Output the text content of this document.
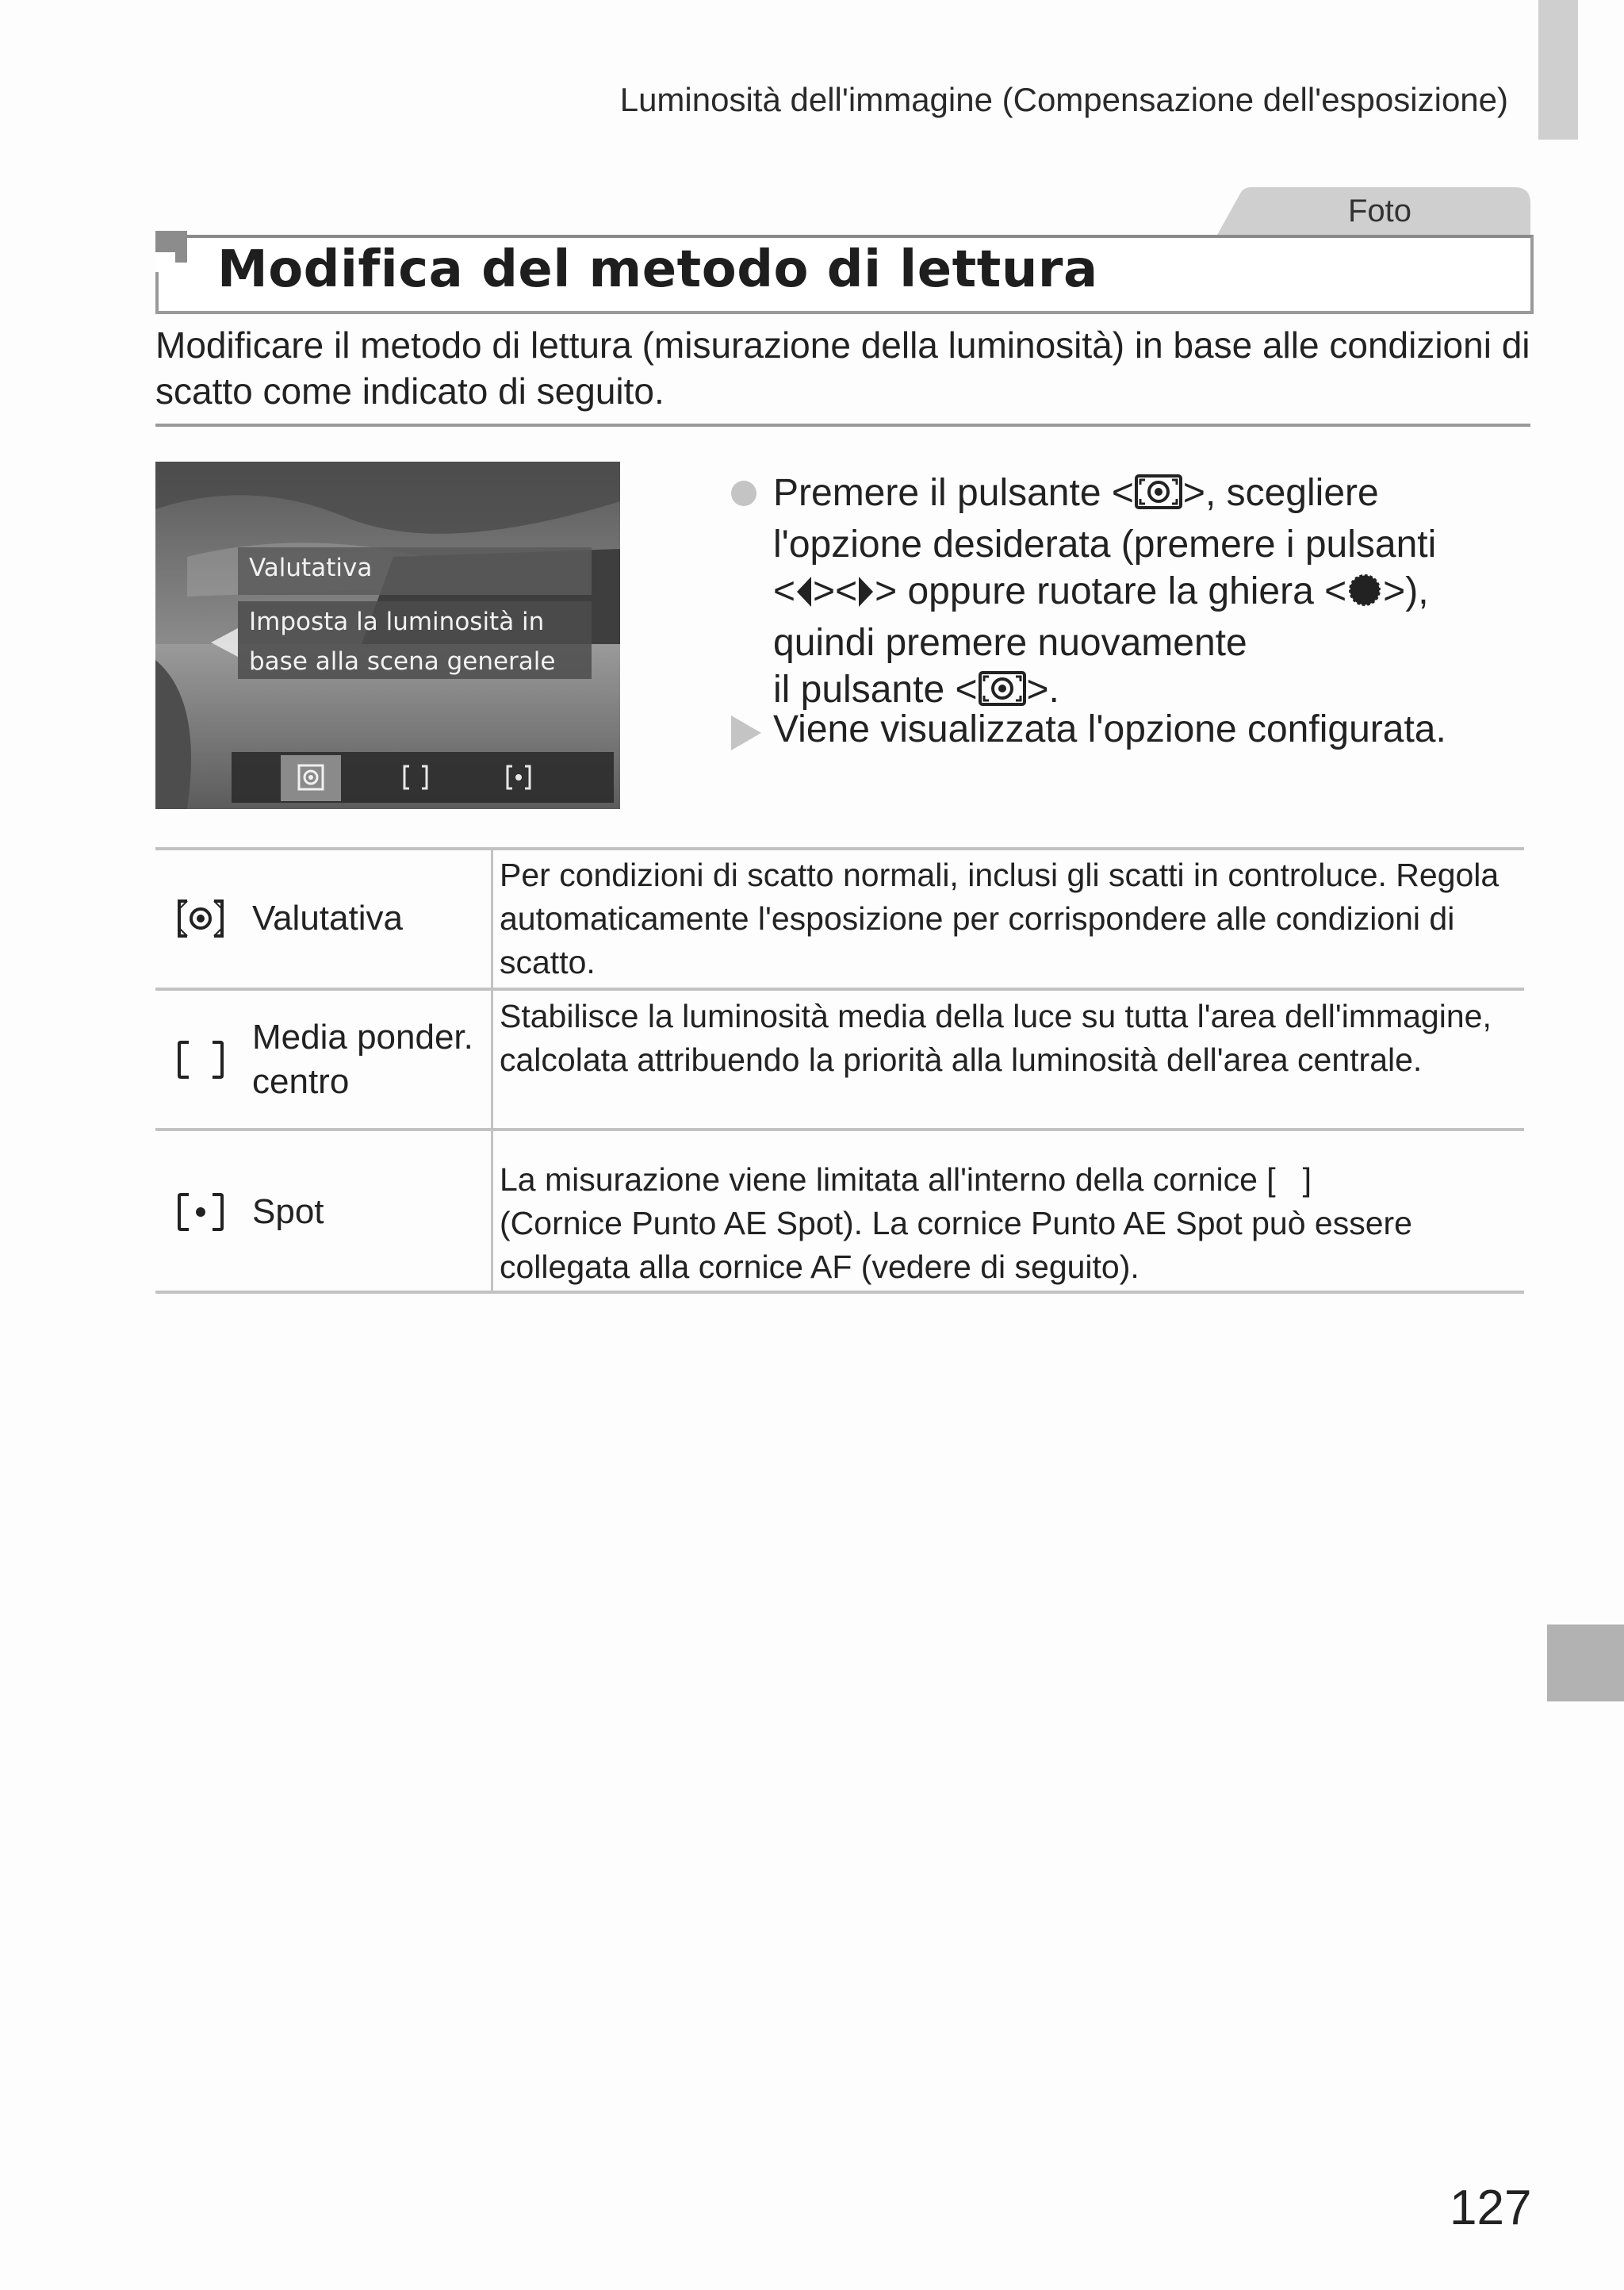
Luminosità dell'immagine (Compensazione dell'esposizione)
Foto
Modifica del metodo di lettura
Modificare il metodo di lettura (misurazione della luminosità) in base alle condizioni di scatto come indicato di seguito.
Valutativa
Imposta la luminosità in
base alla scena generale
Premere il pulsante < >, scegliere
l'opzione desiderata (premere i pulsanti
< >< > oppure ruotare la ghiera < >),
quindi premere nuovamente
il pulsante < >.
Viene visualizzata l'opzione configurata.
Valutativa
Per condizioni di scatto normali, inclusi gli scatti in controluce. Regola automaticamente l'esposizione per corrispondere alle condizioni di scatto.
Media ponder.
centro
Stabilisce la luminosità media della luce su tutta l'area dell'immagine, calcolata attribuendo la priorità alla luminosità dell'area centrale.
Spot
La misurazione viene limitata all'interno della cornice [ ]
(Cornice Punto AE Spot). La cornice Punto AE Spot può essere collegata alla cornice AF (vedere di seguito).
127
